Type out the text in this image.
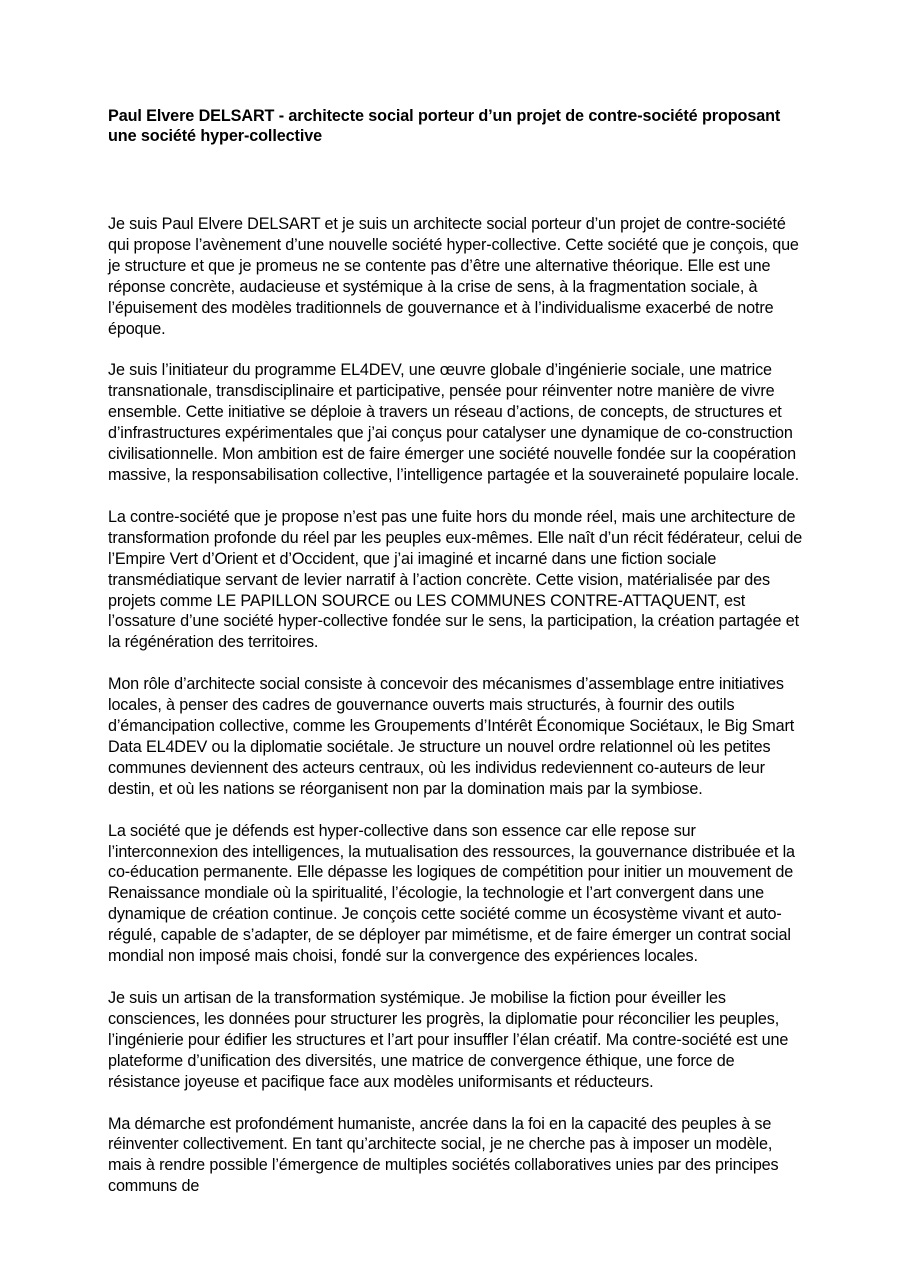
Paul Elvere DELSART - architecte social porteur d’un projet de contre-société proposant une société hyper-collective

Je suis Paul Elvere DELSART et je suis un architecte social porteur d’un projet de contre-société qui propose l’avènement d’une nouvelle société hyper-collective. Cette société que je conçois, que je structure et que je promeus ne se contente pas d’être une alternative théorique. Elle est une réponse concrète, audacieuse et systémique à la crise de sens, à la fragmentation sociale, à l’épuisement des modèles traditionnels de gouvernance et à l’individualisme exacerbé de notre époque.

Je suis l’initiateur du programme EL4DEV, une œuvre globale d’ingénierie sociale, une matrice transnationale, transdisciplinaire et participative, pensée pour réinventer notre manière de vivre ensemble. Cette initiative se déploie à travers un réseau d’actions, de concepts, de structures et d’infrastructures expérimentales que j’ai conçus pour catalyser une dynamique de co-construction civilisationnelle. Mon ambition est de faire émerger une société nouvelle fondée sur la coopération massive, la responsabilisation collective, l’intelligence partagée et la souveraineté populaire locale.

La contre-société que je propose n’est pas une fuite hors du monde réel, mais une architecture de transformation profonde du réel par les peuples eux-mêmes. Elle naît d’un récit fédérateur, celui de l’Empire Vert d’Orient et d’Occident, que j’ai imaginé et incarné dans une fiction sociale transmédiatique servant de levier narratif à l’action concrète. Cette vision, matérialisée par des projets comme LE PAPILLON SOURCE ou LES COMMUNES CONTRE-ATTAQUENT, est l’ossature d’une société hyper-collective fondée sur le sens, la participation, la création partagée et la régénération des territoires.

Mon rôle d’architecte social consiste à concevoir des mécanismes d’assemblage entre initiatives locales, à penser des cadres de gouvernance ouverts mais structurés, à fournir des outils d’émancipation collective, comme les Groupements d’Intérêt Économique Sociétaux, le Big Smart Data EL4DEV ou la diplomatie sociétale. Je structure un nouvel ordre relationnel où les petites communes deviennent des acteurs centraux, où les individus redeviennent co-auteurs de leur destin, et où les nations se réorganisent non par la domination mais par la symbiose.

La société que je défends est hyper-collective dans son essence car elle repose sur l’interconnexion des intelligences, la mutualisation des ressources, la gouvernance distribuée et la co-éducation permanente. Elle dépasse les logiques de compétition pour initier un mouvement de Renaissance mondiale où la spiritualité, l’écologie, la technologie et l’art convergent dans une dynamique de création continue. Je conçois cette société comme un écosystème vivant et auto-régulé, capable de s’adapter, de se déployer par mimétisme, et de faire émerger un contrat social mondial non imposé mais choisi, fondé sur la convergence des expériences locales.

Je suis un artisan de la transformation systémique. Je mobilise la fiction pour éveiller les consciences, les données pour structurer les progrès, la diplomatie pour réconcilier les peuples, l’ingénierie pour édifier les structures et l’art pour insuffler l’élan créatif. Ma contre-société est une plateforme d’unification des diversités, une matrice de convergence éthique, une force de résistance joyeuse et pacifique face aux modèles uniformisants et réducteurs.

Ma démarche est profondément humaniste, ancrée dans la foi en la capacité des peuples à se réinventer collectivement. En tant qu’architecte social, je ne cherche pas à imposer un modèle, mais à rendre possible l’émergence de multiples sociétés collaboratives unies par des principes communs de
